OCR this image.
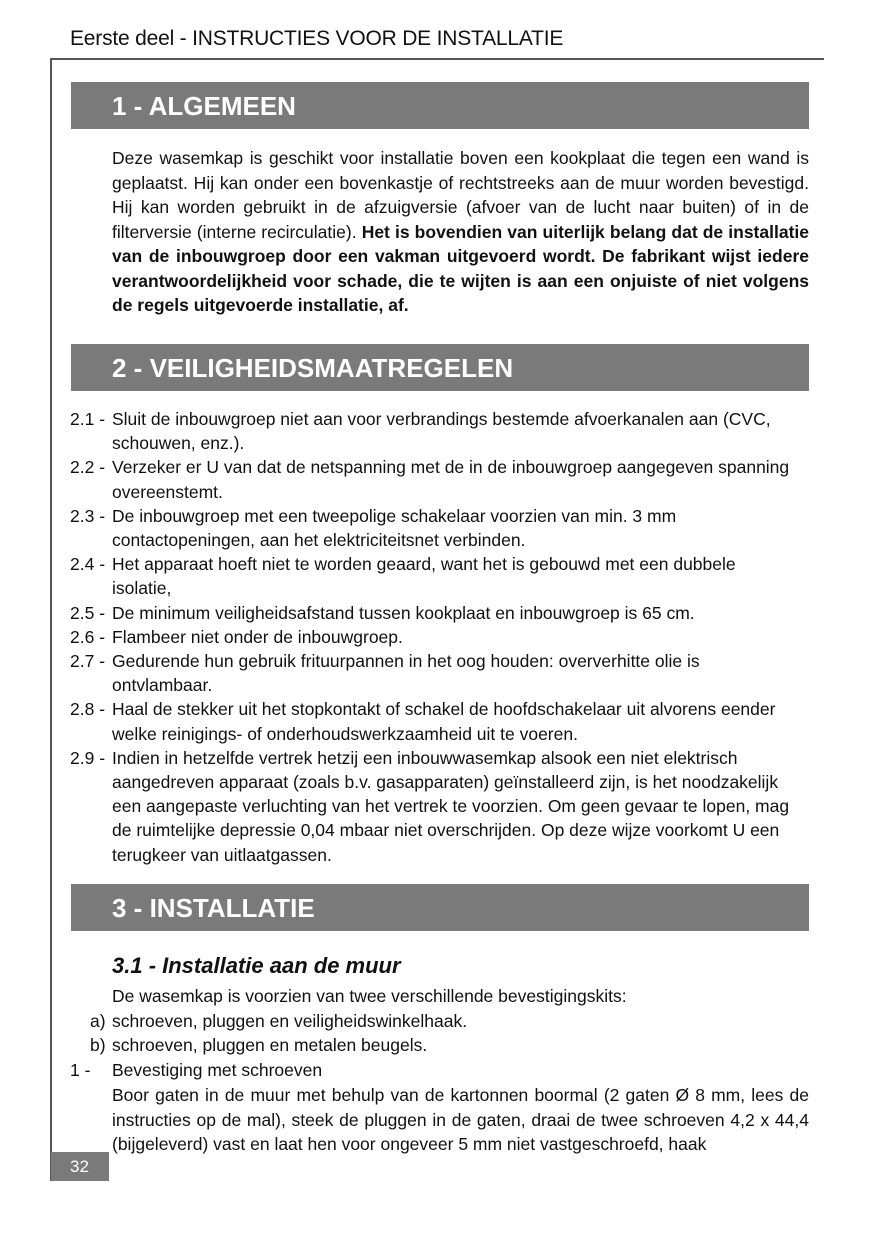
Eerste deel - INSTRUCTIES VOOR DE INSTALLATIE
1 - ALGEMEEN

Deze wasemkap is geschikt voor installatie boven een kookplaat die tegen een wand is geplaatst. Hij kan onder een bovenkastje of rechtstreeks aan de muur worden bevestigd. Hij kan worden gebruikt in de afzuigversie (afvoer van de lucht naar buiten) of in de filterversie (interne recirculatie). Het is bovendien van uiterlijk belang dat de installatie van de inbouwgroep door een vakman uitgevoerd wordt. De fabrikant wijst iedere verantwoordelijkheid voor schade, die te wijten is aan een onjuiste of niet volgens de regels uitgevoerde installatie, af.

2 - VEILIGHEIDSMAATREGELEN
2.1 - Sluit de inbouwgroep niet aan voor verbrandings bestemde afvoerkanalen aan (CVC, schouwen, enz.).
2.2 - Verzeker er U van dat de netspanning met de in de inbouwgroep aangegeven spanning overeenstemt.
2.3 - De inbouwgroep met een tweepolige schakelaar voorzien van min. 3 mm contactopeningen, aan het elektriciteitsnet verbinden.
2.4 - Het apparaat hoeft niet te worden geaard, want het is gebouwd met een dubbele isolatie,
2.5 - De minimum veiligheidsafstand tussen kookplaat en inbouwgroep is 65 cm.
2.6 - Flambeer niet onder de inbouwgroep.
2.7 - Gedurende hun gebruik frituurpannen in het oog houden: oververhitte olie is ontvlambaar.
2.8 - Haal de stekker uit het stopkontakt of schakel de hoofdschakelaar uit alvorens eender welke reinigings- of onderhoudswerkzaamheid uit te voeren.
2.9 - Indien in hetzelfde vertrek hetzij een inbouwwasemkap alsook een niet elektrisch aangedreven apparaat (zoals b.v. gasapparaten) geïnstalleerd zijn, is het noodzakelijk een aangepaste verluchting van het vertrek te voorzien. Om geen gevaar te lopen, mag de ruimtelijke depressie 0,04 mbaar niet overschrijden. Op deze wijze voorkomt U een terugkeer van uitlaatgassen.
3 - INSTALLATIE
3.1 - Installatie aan de muur

De wasemkap is voorzien van twee verschillende bevestigingskits:

a) schroeven, pluggen en veiligheidswinkelhaak.

b) schroeven, pluggen en metalen beugels.

1 - Bevestiging met schroeven

Boor gaten in de muur met behulp van de kartonnen boormal (2 gaten Ø 8 mm, lees de instructies op de mal), steek de pluggen in de gaten, draai de twee schroeven 4,2 x 44,4 (bijgeleverd) vast en laat hen voor ongeveer 5 mm niet vastgeschroefd, haak

32
